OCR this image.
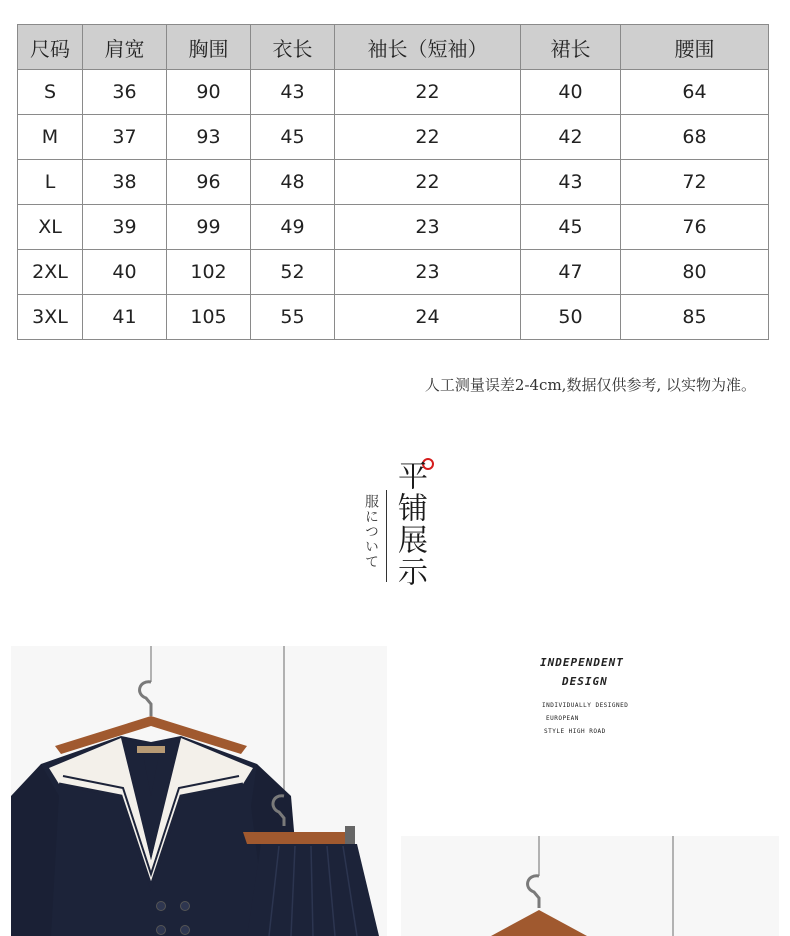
尺码	肩宽	胸围	衣长	袖长（短袖）	裙长	腰围
S	36	90	43	22	40	64
M	37	93	45	22	42	68
L	38	96	48	22	43	72
XL	39	99	49	23	45	76
2XL	40	102	52	23	47	80
3XL	41	105	55	24	50	85
人工测量误差2-4cm,数据仅供参考, 以实物为准。
服について 平铺展示
INDEPENDENT
DESIGN
INDIVIDUALLY DESIGNED
EUROPEAN
STYLE HIGH ROAD
